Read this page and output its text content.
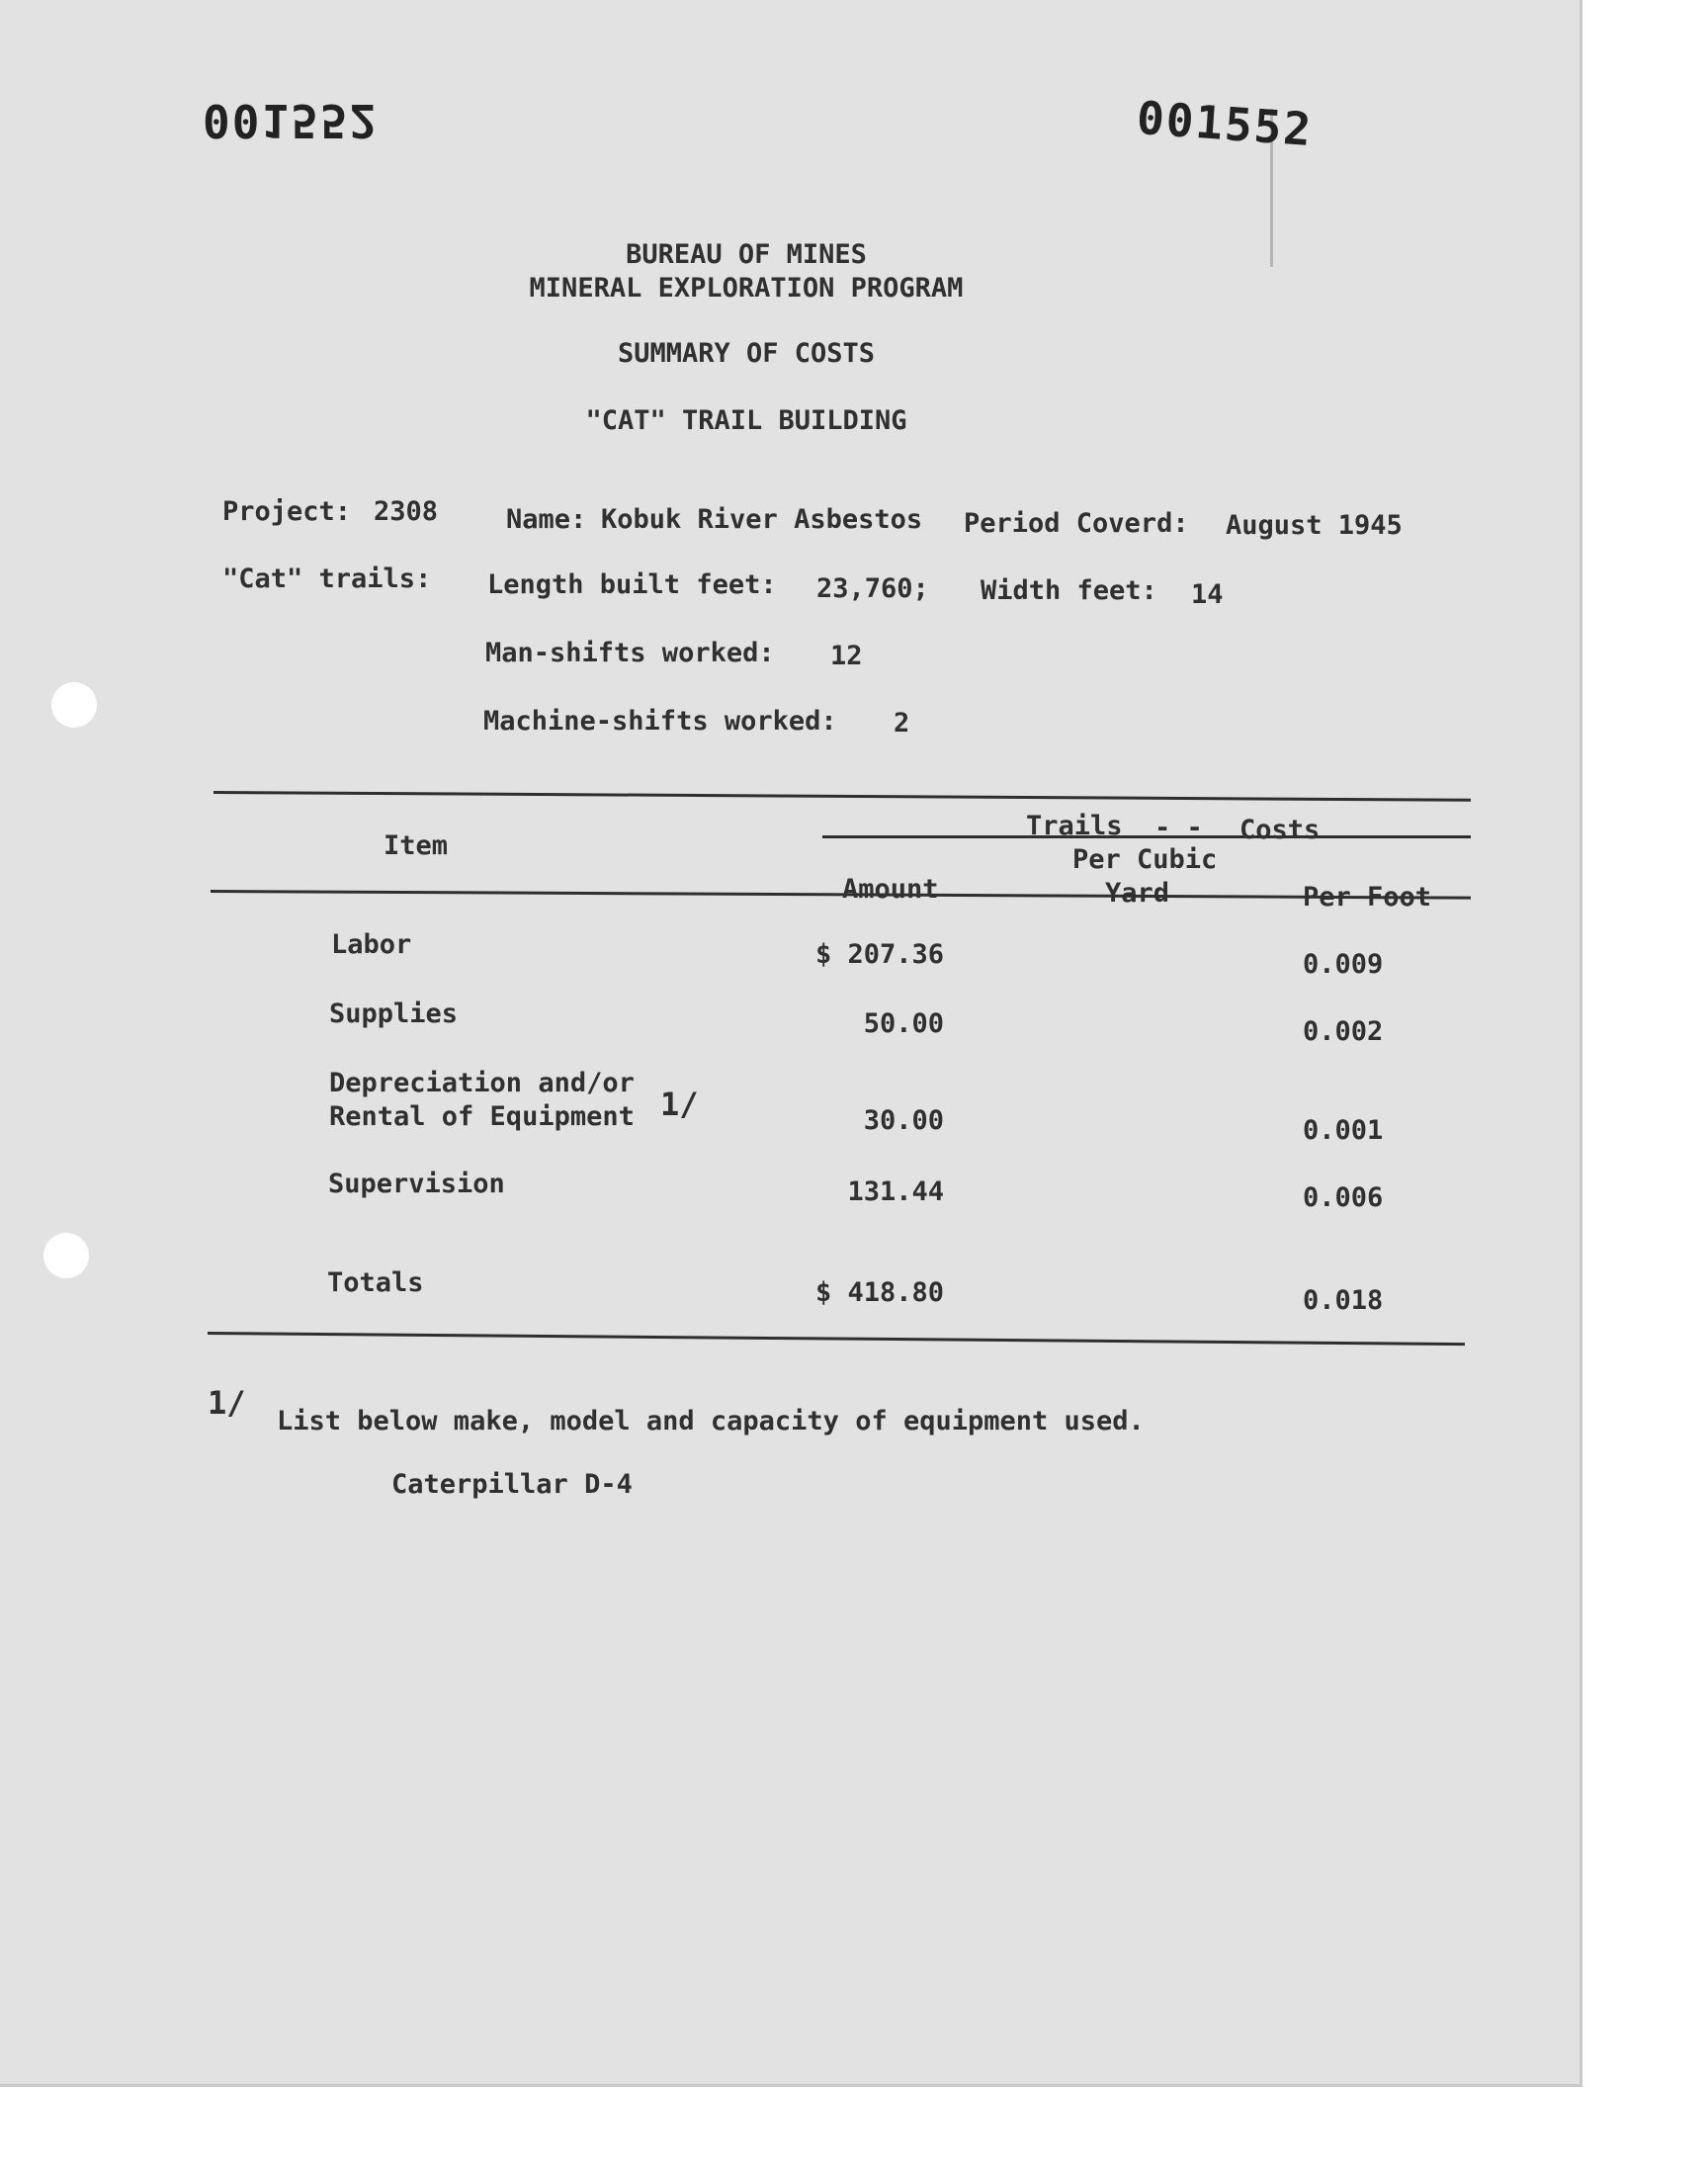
001552	001552
BUREAU OF MINES
MINERAL EXPLORATION PROGRAM
SUMMARY OF COSTS
"CAT" TRAIL BUILDING
Project: 2308	Name: Kobuk River Asbestos Period Coverd: August 1945
"Cat" trails: Length built feet: 23,760; Width feet: 14
Man-shifts worked: 12
Machine-shifts worked: 2
Item
Trails - - Costs
Amount
Per Cubic
Yard	Per Foot
Labor	$ 207.36	0.009
Supplies	50.00	0.002
Depreciation and/or
Rental of Equipment 1/	30.00	0.001
Supervision	131.44	0.006
Totals	$ 418.80	0.018
1/ List below make, model and capacity of equipment used.
Caterpillar D-4
